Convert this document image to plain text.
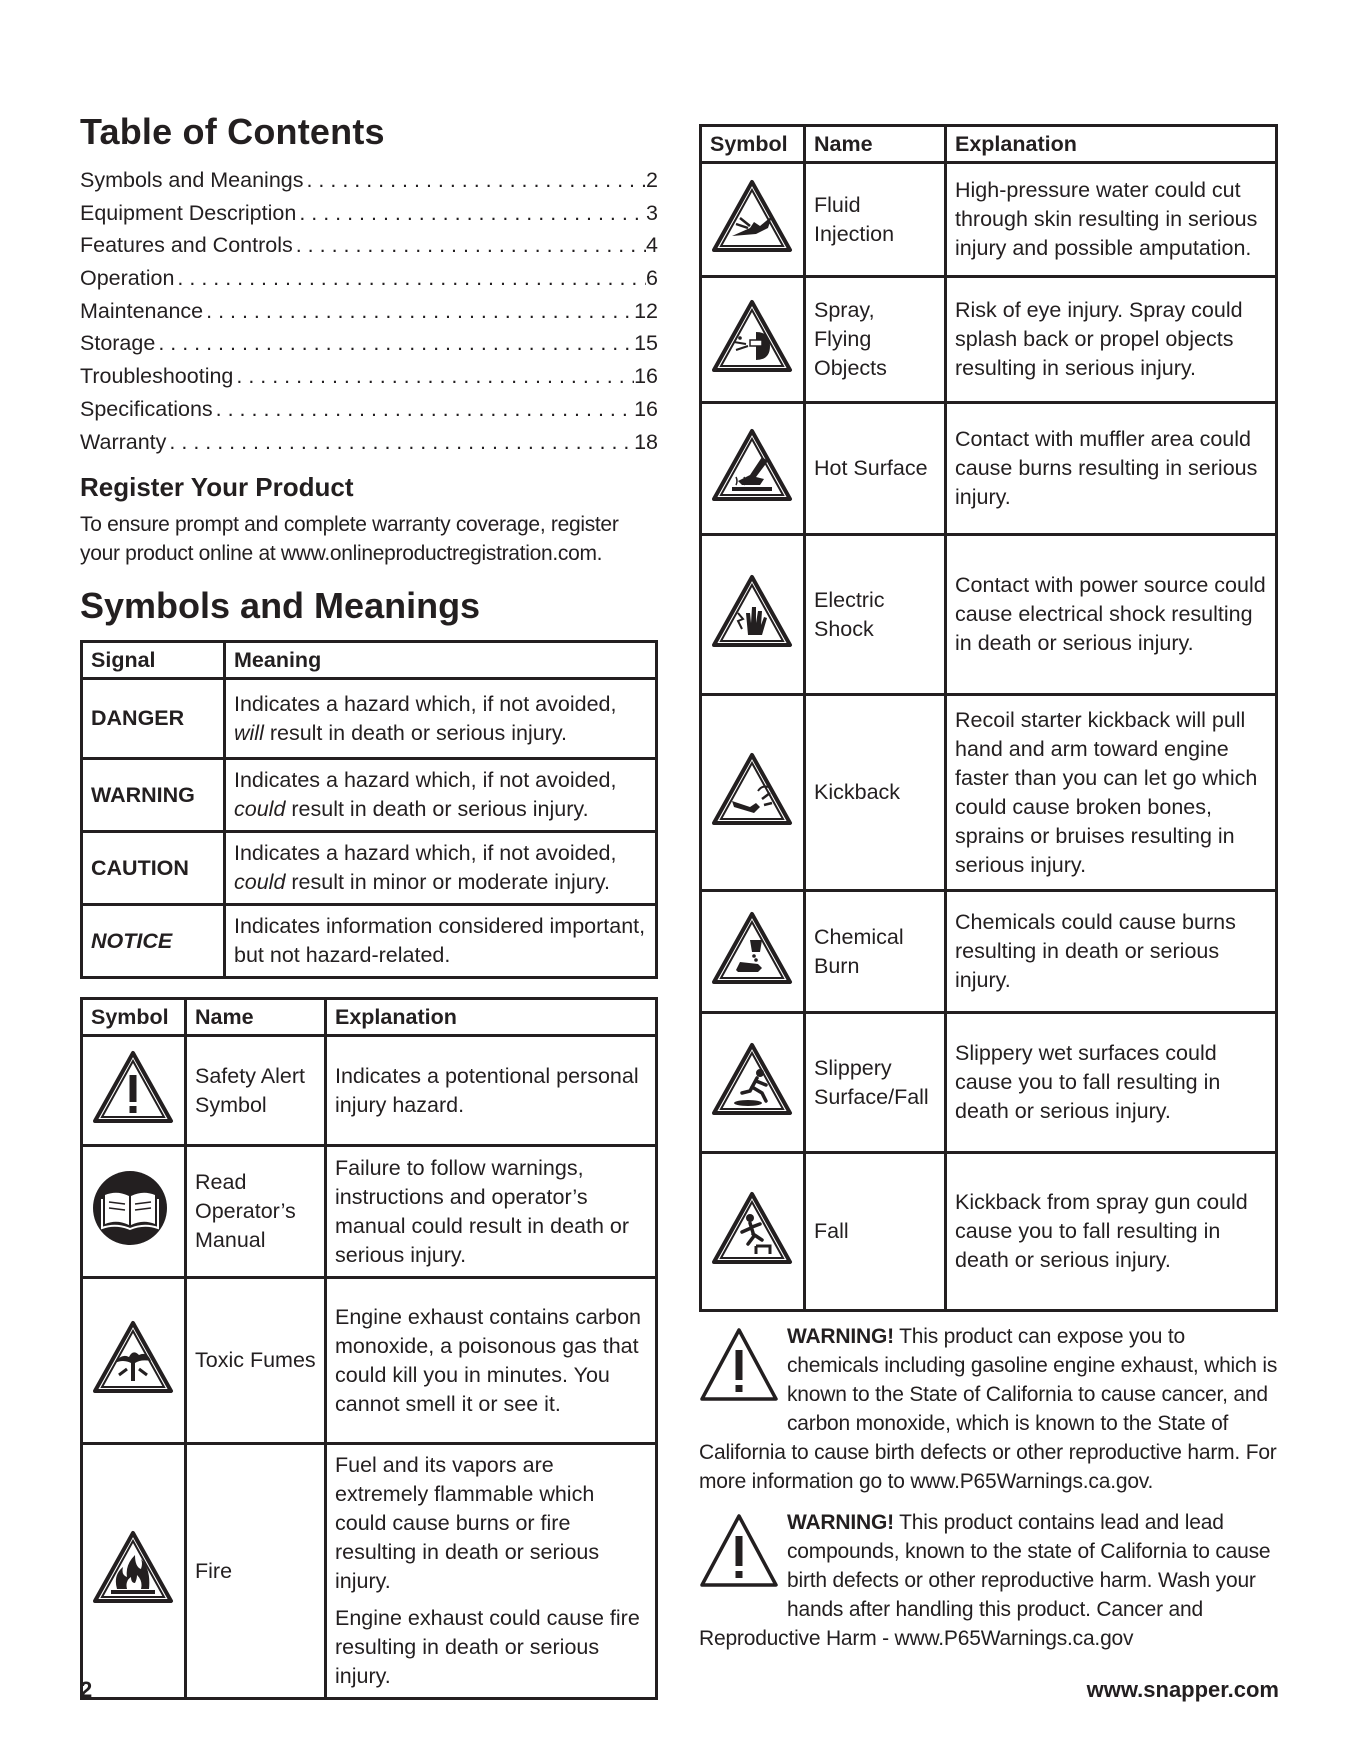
Table of Contents
Symbols and Meanings . . .	2
Equipment Description . . .	3
Features and Controls . . .	4
Operation . . .	6
Maintenance . . .	12
Storage . . .	15
Troubleshooting . . .	16
Specifications . . .	16
Warranty . . .	18
Register Your Product

To ensure prompt and complete warranty coverage, register your product online at www.onlineproductregistration.com.

Symbols and Meanings
Signal	Meaning
DANGER	Indicates a hazard which, if not avoided,
will result in death or serious injury.
WARNING	Indicates a hazard which, if not avoided,
could result in death or serious injury.
CAUTION	Indicates a hazard which, if not avoided,
could result in minor or moderate injury.
NOTICE	Indicates information considered important, but not hazard-related.
Symbol	Name	Explanation

	Safety Alert Symbol	Indicates a potentional personal injury hazard.

	Read Operator’s Manual	Failure to follow warnings, instructions and operator’s manual could result in death or serious injury.

	Toxic Fumes	Engine exhaust contains carbon monoxide, a poisonous gas that could kill you in minutes. You cannot smell it or see it.

	Fire	Fuel and its vapors are extremely flammable which could cause burns or fire resulting in death or serious injury.
Engine exhaust could cause fire resulting in death or serious injury.
Symbol	Name	Explanation

	Fluid Injection	High-pressure water could cut through skin resulting in serious injury and possible amputation.

	Spray, Flying Objects	Risk of eye injury. Spray could splash back or propel objects resulting in serious injury.

	Hot Surface	Contact with muffler area could cause burns resulting in serious injury.

	Electric Shock	Contact with power source could cause electrical shock resulting in death or serious injury.

	Kickback	Recoil starter kickback will pull hand and arm toward engine faster than you can let go which could cause broken bones, sprains or bruises resulting in serious injury.

	Chemical Burn	Chemicals could cause burns resulting in death or serious injury.

	Slippery Surface/Fall	Slippery wet surfaces could cause you to fall resulting in death or serious injury.

	Fall	Kickback from spray gun could cause you to fall resulting in death or serious injury.
WARNING! This product can expose you to chemicals including gasoline engine exhaust, which is known to the State of California to cause cancer, and carbon monoxide, which is known to the State of California to cause birth defects or other reproductive harm. For more information go to www.P65Warnings.ca.gov.
WARNING! This product contains lead and lead compounds, known to the state of California to cause birth defects or other reproductive harm. Wash your hands after handling this product. Cancer and Reproductive Harm - www.P65Warnings.ca.gov
2	www.snapper.com
